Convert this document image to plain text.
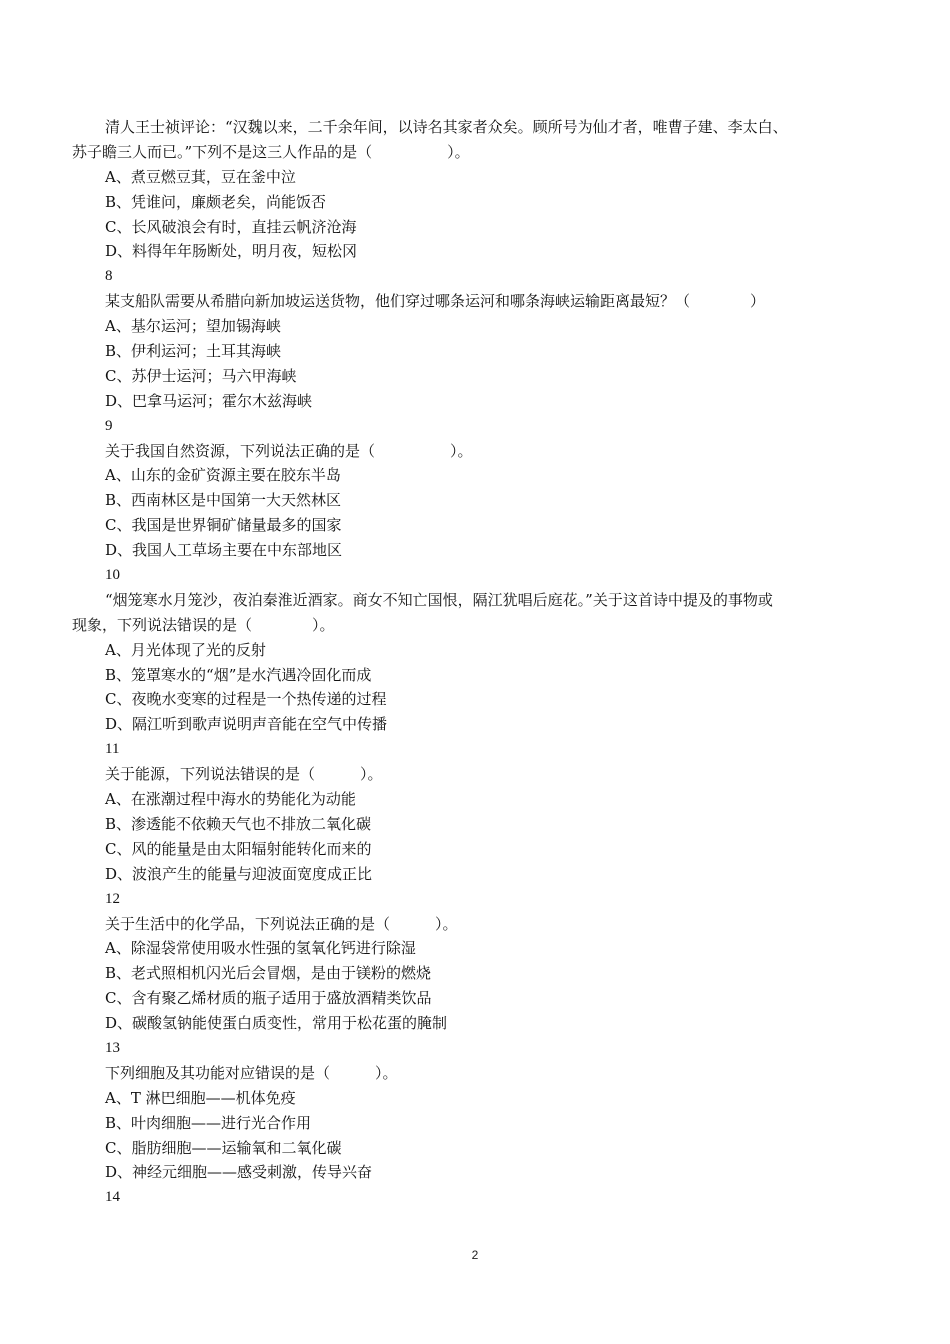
清人王士祯评论：“汉魏以来，二千余年间，以诗名其家者众矣。顾所号为仙才者，唯曹子建、李太白、

苏子瞻三人而已。”下列不是这三人作品的是（　　　　　）。

A、煮豆燃豆萁，豆在釜中泣

B、凭谁问，廉颇老矣，尚能饭否

C、长风破浪会有时，直挂云帆济沧海

D、料得年年肠断处，明月夜，短松冈

8

某支船队需要从希腊向新加坡运送货物，他们穿过哪条运河和哪条海峡运输距离最短？（　　　　）

A、基尔运河；望加锡海峡

B、伊利运河；土耳其海峡

C、苏伊士运河；马六甲海峡

D、巴拿马运河；霍尔木兹海峡

9

关于我国自然资源，下列说法正确的是（　　　　　）。

A、山东的金矿资源主要在胶东半岛

B、西南林区是中国第一大天然林区

C、我国是世界铜矿储量最多的国家

D、我国人工草场主要在中东部地区

10

“烟笼寒水月笼沙，夜泊秦淮近酒家。商女不知亡国恨，隔江犹唱后庭花。”关于这首诗中提及的事物或

现象，下列说法错误的是（　　　　）。

A、月光体现了光的反射

B、笼罩寒水的“烟”是水汽遇冷固化而成

C、夜晚水变寒的过程是一个热传递的过程

D、隔江听到歌声说明声音能在空气中传播

11

关于能源，下列说法错误的是（　　　）。

A、在涨潮过程中海水的势能化为动能

B、渗透能不依赖天气也不排放二氧化碳

C、风的能量是由太阳辐射能转化而来的

D、波浪产生的能量与迎波面宽度成正比

12

关于生活中的化学品，下列说法正确的是（　　　）。

A、除湿袋常使用吸水性强的氢氧化钙进行除湿

B、老式照相机闪光后会冒烟，是由于镁粉的燃烧

C、含有聚乙烯材质的瓶子适用于盛放酒精类饮品

D、碳酸氢钠能使蛋白质变性，常用于松花蛋的腌制

13

下列细胞及其功能对应错误的是（　　　）。

A、T 淋巴细胞——机体免疫

B、叶肉细胞——进行光合作用

C、脂肪细胞——运输氧和二氧化碳

D、神经元细胞——感受刺激，传导兴奋

14

2
